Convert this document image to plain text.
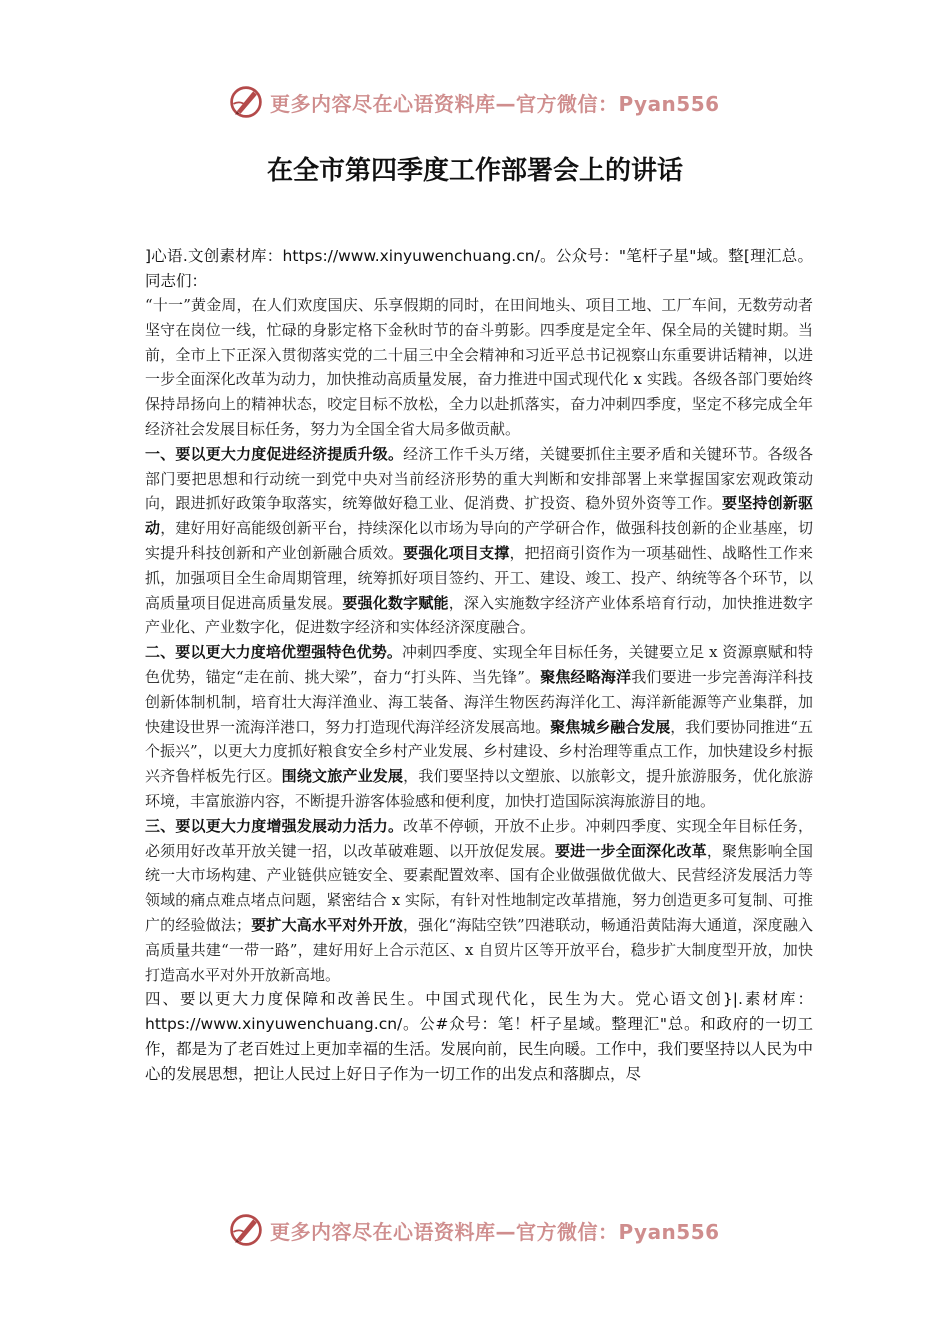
更多内容尽在心语资料库—官方微信：Pyan556
在全市第四季度工作部署会上的讲话

]心语.文创素材库：https://www.xinyuwenchuang.cn/。公众号："笔杆子星"域。整[理汇总。同志们：

“十一”黄金周，在人们欢度国庆、乐享假期的同时，在田间地头、项目工地、工厂车间，无数劳动者坚守在岗位一线，忙碌的身影定格下金秋时节的奋斗剪影。四季度是定全年、保全局的关键时期。当前，全市上下正深入贯彻落实党的二十届三中全会精神和习近平总书记视察山东重要讲话精神，以进一步全面深化改革为动力，加快推动高质量发展，奋力推进中国式现代化 x 实践。各级各部门要始终保持昂扬向上的精神状态，咬定目标不放松，全力以赴抓落实，奋力冲刺四季度，坚定不移完成全年经济社会发展目标任务，努力为全国全省大局多做贡献。

一、要以更大力度促进经济提质升级。经济工作千头万绪，关键要抓住主要矛盾和关键环节。各级各部门要把思想和行动统一到党中央对当前经济形势的重大判断和安排部署上来掌握国家宏观政策动向，跟进抓好政策争取落实，统筹做好稳工业、促消费、扩投资、稳外贸外资等工作。要坚持创新驱动，建好用好高能级创新平台，持续深化以市场为导向的产学研合作，做强科技创新的企业基座，切实提升科技创新和产业创新融合质效。要强化项目支撑，把招商引资作为一项基础性、战略性工作来抓，加强项目全生命周期管理，统筹抓好项目签约、开工、建设、竣工、投产、纳统等各个环节，以高质量项目促进高质量发展。要强化数字赋能，深入实施数字经济产业体系培育行动，加快推进数字产业化、产业数字化，促进数字经济和实体经济深度融合。

二、要以更大力度培优塑强特色优势。冲刺四季度、实现全年目标任务，关键要立足 x 资源禀赋和特色优势，锚定“走在前、挑大梁”，奋力“打头阵、当先锋”。聚焦经略海洋我们要进一步完善海洋科技创新体制机制，培育壮大海洋渔业、海工装备、海洋生物医药海洋化工、海洋新能源等产业集群，加快建设世界一流海洋港口，努力打造现代海洋经济发展高地。聚焦城乡融合发展，我们要协同推进“五个振兴”，以更大力度抓好粮食安全乡村产业发展、乡村建设、乡村治理等重点工作，加快建设乡村振兴齐鲁样板先行区。围绕文旅产业发展，我们要坚持以文塑旅、以旅彰文，提升旅游服务，优化旅游环境，丰富旅游内容，不断提升游客体验感和便利度，加快打造国际滨海旅游目的地。

三、要以更大力度增强发展动力活力。改革不停顿，开放不止步。冲刺四季度、实现全年目标任务，必须用好改革开放关键一招，以改革破难题、以开放促发展。要进一步全面深化改革，聚焦影响全国统一大市场构建、产业链供应链安全、要素配置效率、国有企业做强做优做大、民营经济发展活力等领域的痛点难点堵点问题，紧密结合 x 实际，有针对性地制定改革措施，努力创造更多可复制、可推广的经验做法；要扩大高水平对外开放，强化“海陆空铁”四港联动，畅通沿黄陆海大通道，深度融入高质量共建“一带一路”，建好用好上合示范区、x 自贸片区等开放平台，稳步扩大制度型开放，加快打造高水平对外开放新高地。

四、要以更大力度保障和改善民生。中国式现代化，民生为大。党心语文创}|.素材库：https://www.xinyuwenchuang.cn/。公#众号：笔！杆子星域。整理汇"总。和政府的一切工作，都是为了老百姓过上更加幸福的生活。发展向前，民生向暖。工作中，我们要坚持以人民为中心的发展思想，把让人民过上好日子作为一切工作的出发点和落脚点，尽

更多内容尽在心语资料库—官方微信：Pyan556
